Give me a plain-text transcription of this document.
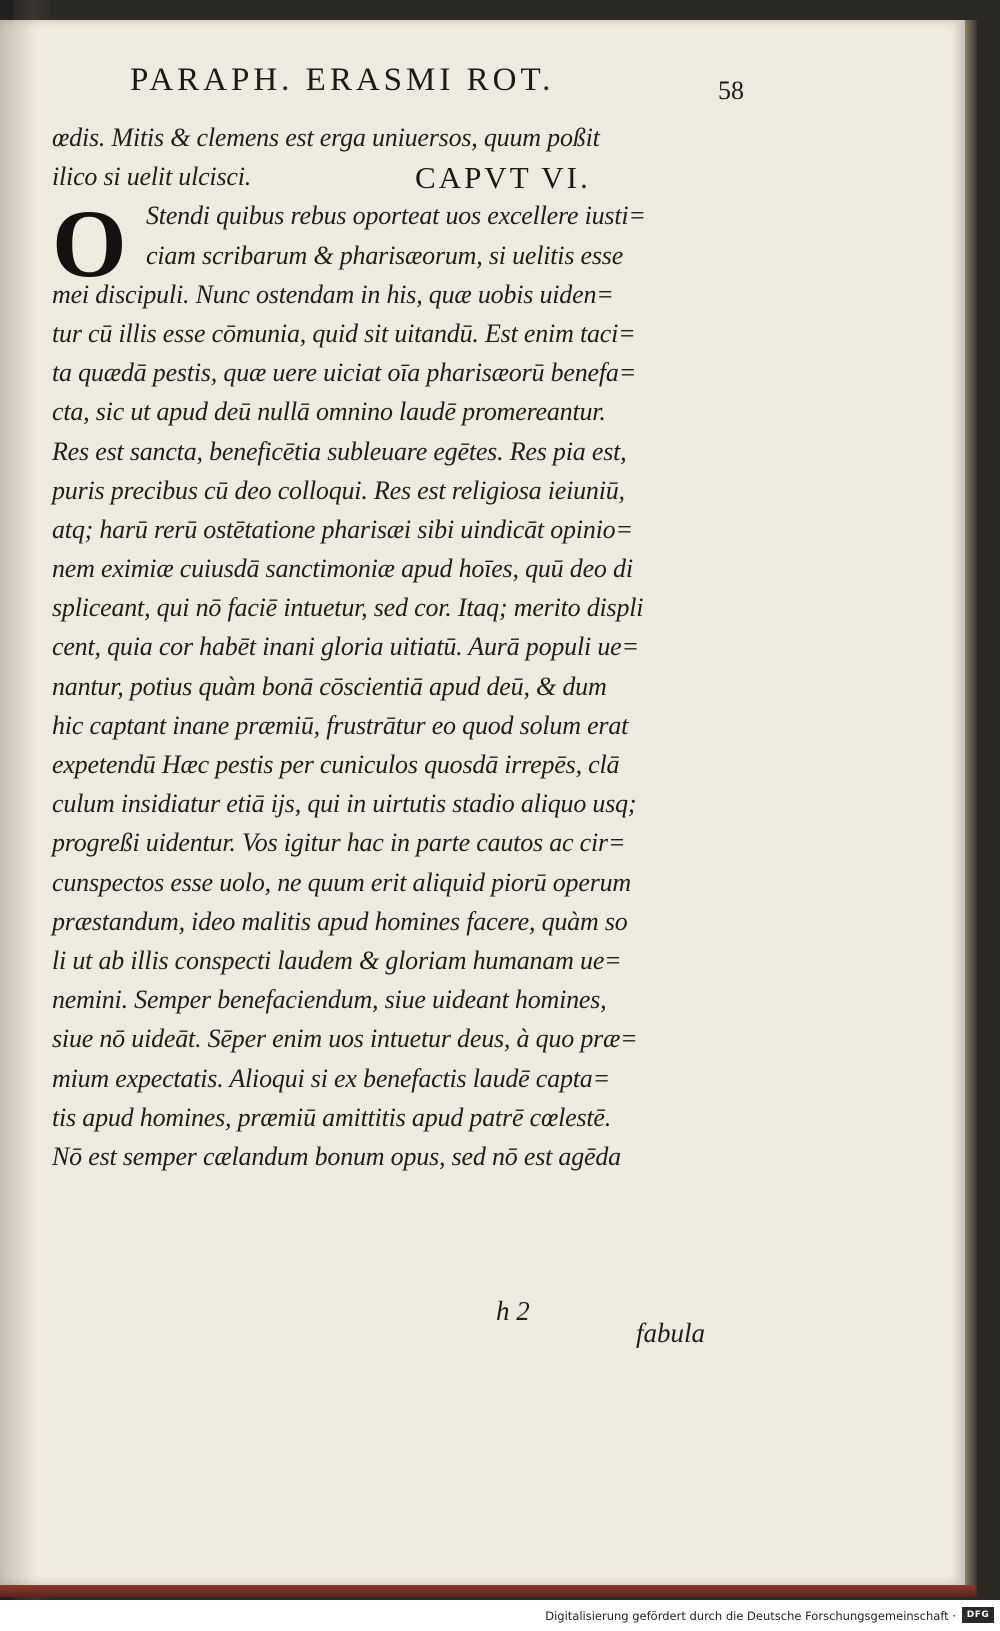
PARAPH. ERASMI ROT.	58
œdis. Mitis & clemens est erga uniuersos, quum poßit
ilico si uelit ulcisci.
Stendi quibus rebus oporteat uos excellere iusti=
ciam scribarum & pharisæorum, si uelitis esse
mei discipuli. Nunc ostendam in his, quæ uobis uiden=
tur cū illis esse cōmunia, quid sit uitandū. Est enim taci=
ta quædā pestis, quæ uere uiciat oīa pharisæorū benefa=
cta, sic ut apud deū nullā omnino laudē promereantur.
Res est sancta, beneficētia subleuare egētes. Res pia est,
puris precibus cū deo colloqui. Res est religiosa ieiuniū,
atq; harū rerū ostētatione pharisæi sibi uindicāt opinio=
nem eximiæ cuiusdā sanctimoniæ apud hoīes, quū deo di
spliceant, qui nō faciē intuetur, sed cor. Itaq; merito displi
cent, quia cor habēt inani gloria uitiatū. Aurā populi ue=
nantur, potius quàm bonā cōscientiā apud deū, & dum
hic captant inane præmiū, frustrātur eo quod solum erat
expetendū Hæc pestis per cuniculos quosdā irrepēs, clā
culum insidiatur etiā ijs, qui in uirtutis stadio aliquo usq;
progreßi uidentur. Vos igitur hac in parte cautos ac cir=
cunspectos esse uolo, ne quum erit aliquid piorū operum
præstandum, ideo malitis apud homines facere, quàm so
li ut ab illis conspecti laudem & gloriam humanam ue=
nemini. Semper benefaciendum, siue uideant homines,
siue nō uideāt. Sēper enim uos intuetur deus, à quo præ=
mium expectatis. Alioqui si ex benefactis laudē capta=
tis apud homines, præmiū amittitis apud patrē cœlestē.
Nō est semper cælandum bonum opus, sed nō est agēda
CAPVT VI.
O
h 2
fabula
Digitalisierung gefördert durch die Deutsche Forschungsgemeinschaft ·	DFG
